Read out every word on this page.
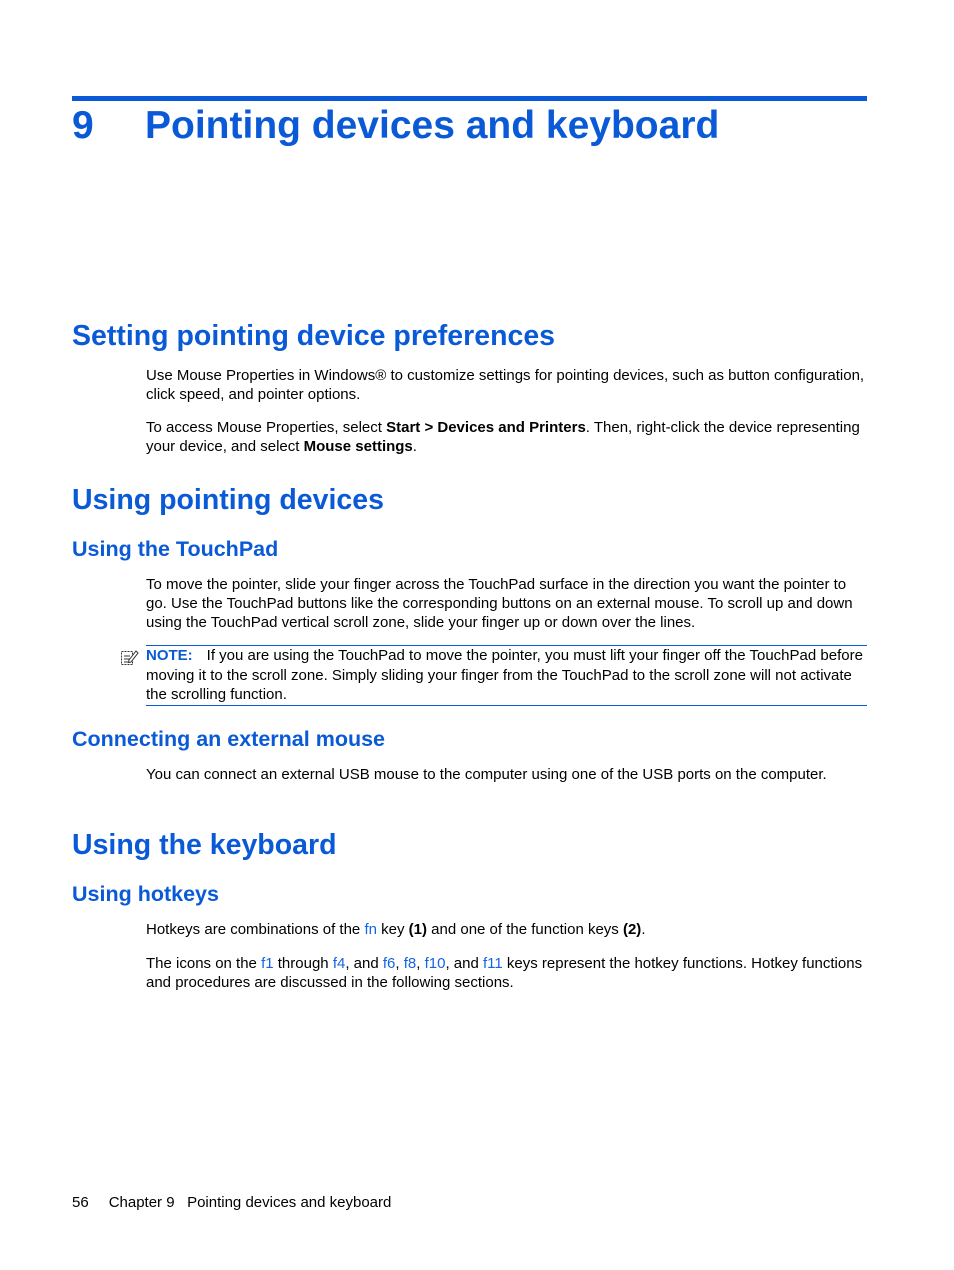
9 Pointing devices and keyboard
Setting pointing device preferences

Use Mouse Properties in Windows® to customize settings for pointing devices, such as button configuration, click speed, and pointer options.

To access Mouse Properties, select Start > Devices and Printers. Then, right-click the device representing your device, and select Mouse settings.

Using pointing devices
Using the TouchPad

To move the pointer, slide your finger across the TouchPad surface in the direction you want the pointer to go. Use the TouchPad buttons like the corresponding buttons on an external mouse. To scroll up and down using the TouchPad vertical scroll zone, slide your finger up or down over the lines.

NOTE: If you are using the TouchPad to move the pointer, you must lift your finger off the TouchPad before moving it to the scroll zone. Simply sliding your finger from the TouchPad to the scroll zone will not activate the scrolling function.

Connecting an external mouse

You can connect an external USB mouse to the computer using one of the USB ports on the computer.

Using the keyboard
Using hotkeys

Hotkeys are combinations of the fn key (1) and one of the function keys (2).

The icons on the f1 through f4, and f6, f8, f10, and f11 keys represent the hotkey functions. Hotkey functions and procedures are discussed in the following sections.

56 Chapter 9   Pointing devices and keyboard
